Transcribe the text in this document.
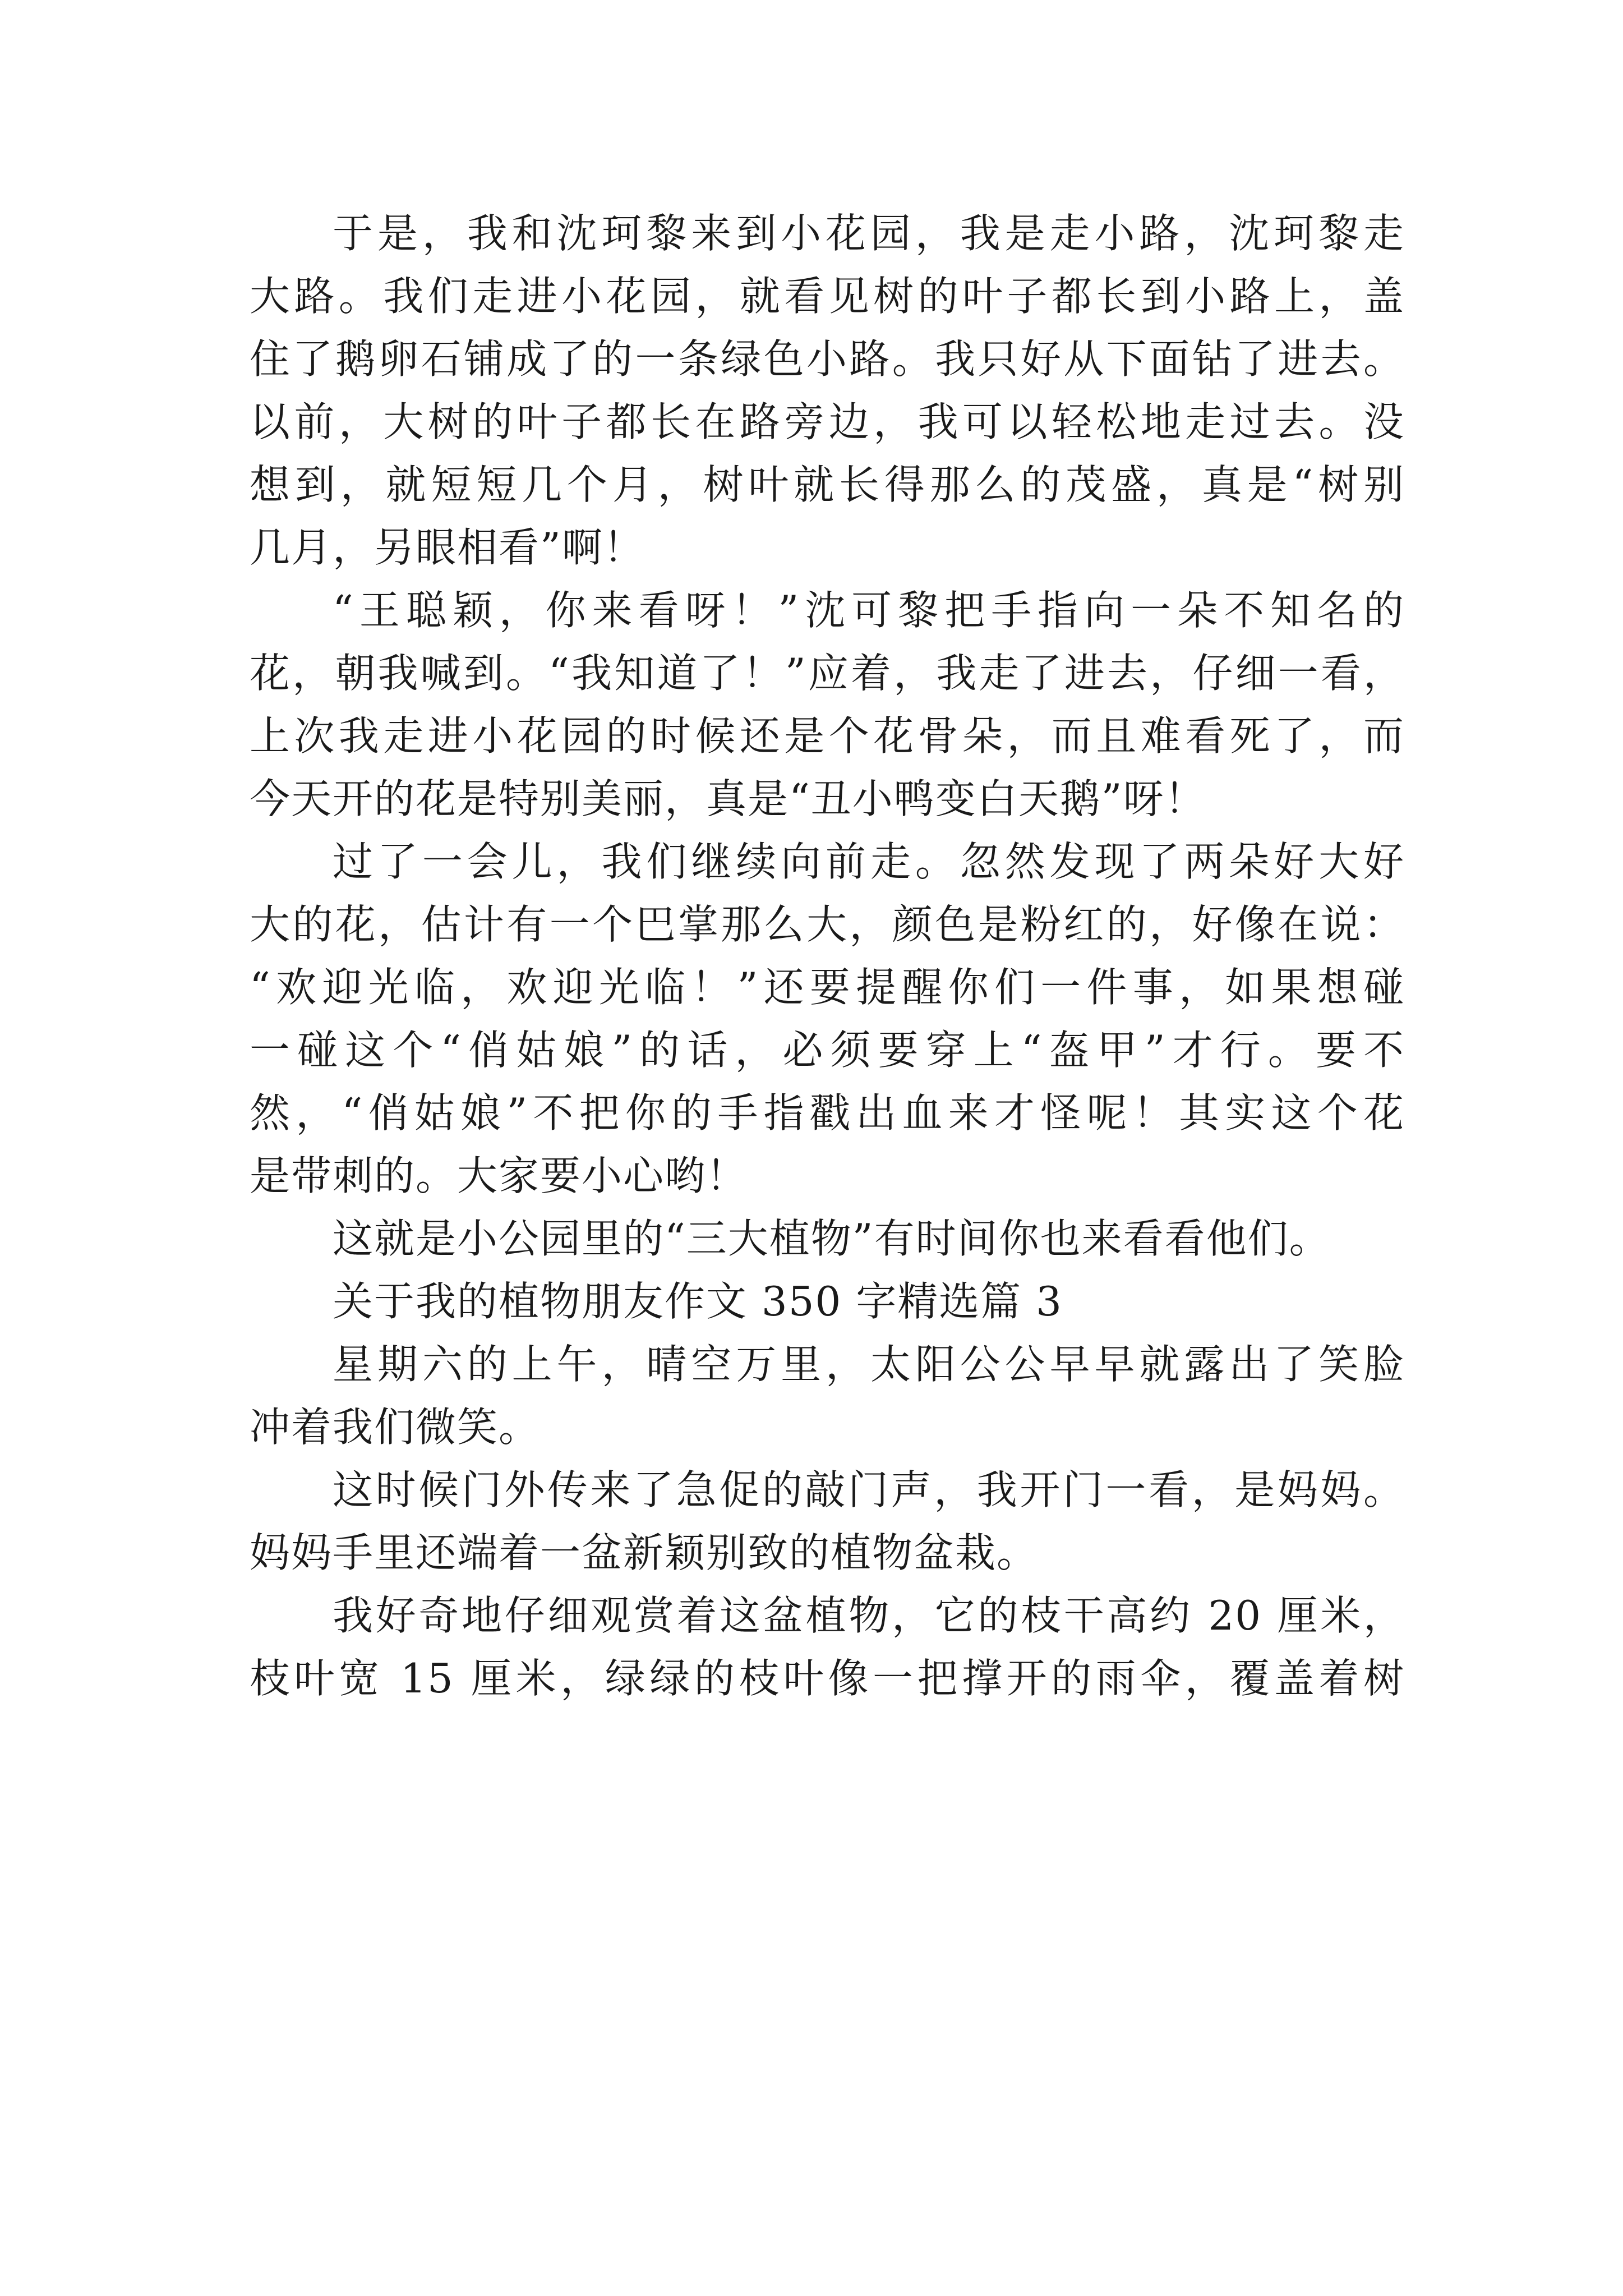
于是，我和沈珂黎来到小花园，我是走小路，沈珂黎走
大路。我们走进小花园，就看见树的叶子都长到小路上，盖
住了鹅卵石铺成了的一条绿色小路。我只好从下面钻了进去。
以前，大树的叶子都长在路旁边，我可以轻松地走过去。没
想到，就短短几个月，树叶就长得那么的茂盛，真是“树别
几月，另眼相看”啊！
“王聪颖，你来看呀！”沈可黎把手指向一朵不知名的
花，朝我喊到。“我知道了！”应着，我走了进去，仔细一看，
上次我走进小花园的时候还是个花骨朵，而且难看死了，而
今天开的花是特别美丽，真是“丑小鸭变白天鹅”呀！
过了一会儿，我们继续向前走。忽然发现了两朵好大好
大的花，估计有一个巴掌那么大，颜色是粉红的，好像在说：
“欢迎光临，欢迎光临！”还要提醒你们一件事，如果想碰
一碰这个“俏姑娘”的话，必须要穿上“盔甲”才行。要不
然，“俏姑娘”不把你的手指戳出血来才怪呢！其实这个花
是带刺的。大家要小心哟！
这就是小公园里的“三大植物”有时间你也来看看他们。
关于我的植物朋友作文 350 字精选篇 3
星期六的上午，晴空万里，太阳公公早早就露出了笑脸
冲着我们微笑。
这时候门外传来了急促的敲门声，我开门一看，是妈妈。
妈妈手里还端着一盆新颖别致的植物盆栽。
我好奇地仔细观赏着这盆植物，它的枝干高约 20 厘米，
枝叶宽 15 厘米，绿绿的枝叶像一把撑开的雨伞，覆盖着树
